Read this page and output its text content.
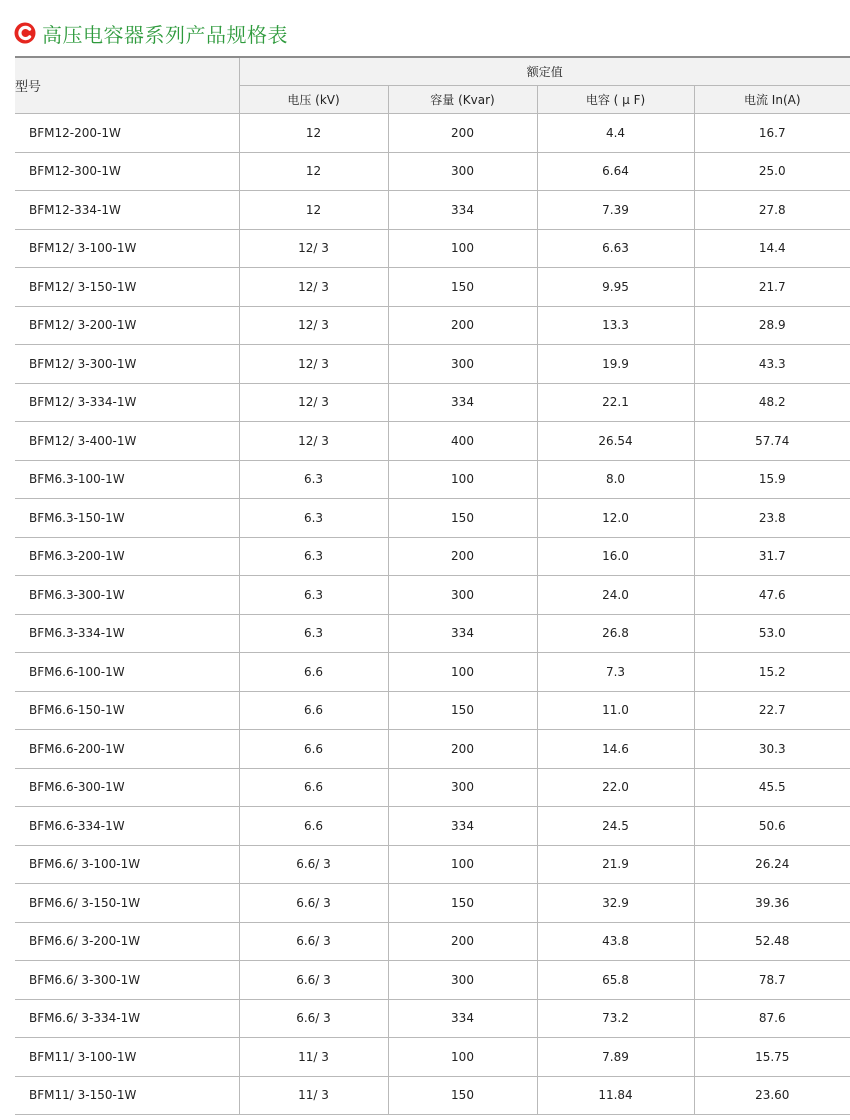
高压电容器系列产品规格表
型号	额定值			
	电压 (kV)	容量 (Kvar)	电容 ( μ F)	电流 In(A)
BFM12-200-1W	12	200	4.4	16.7
BFM12-300-1W	12	300	6.64	25.0
BFM12-334-1W	12	334	7.39	27.8
BFM12/ 3-100-1W	12/ 3	100	6.63	14.4
BFM12/ 3-150-1W	12/ 3	150	9.95	21.7
BFM12/ 3-200-1W	12/ 3	200	13.3	28.9
BFM12/ 3-300-1W	12/ 3	300	19.9	43.3
BFM12/ 3-334-1W	12/ 3	334	22.1	48.2
BFM12/ 3-400-1W	12/ 3	400	26.54	57.74
BFM6.3-100-1W	6.3	100	8.0	15.9
BFM6.3-150-1W	6.3	150	12.0	23.8
BFM6.3-200-1W	6.3	200	16.0	31.7
BFM6.3-300-1W	6.3	300	24.0	47.6
BFM6.3-334-1W	6.3	334	26.8	53.0
BFM6.6-100-1W	6.6	100	7.3	15.2
BFM6.6-150-1W	6.6	150	11.0	22.7
BFM6.6-200-1W	6.6	200	14.6	30.3
BFM6.6-300-1W	6.6	300	22.0	45.5
BFM6.6-334-1W	6.6	334	24.5	50.6
BFM6.6/ 3-100-1W	6.6/ 3	100	21.9	26.24
BFM6.6/ 3-150-1W	6.6/ 3	150	32.9	39.36
BFM6.6/ 3-200-1W	6.6/ 3	200	43.8	52.48
BFM6.6/ 3-300-1W	6.6/ 3	300	65.8	78.7
BFM6.6/ 3-334-1W	6.6/ 3	334	73.2	87.6
BFM11/ 3-100-1W	11/ 3	100	7.89	15.75
BFM11/ 3-150-1W	11/ 3	150	11.84	23.60
